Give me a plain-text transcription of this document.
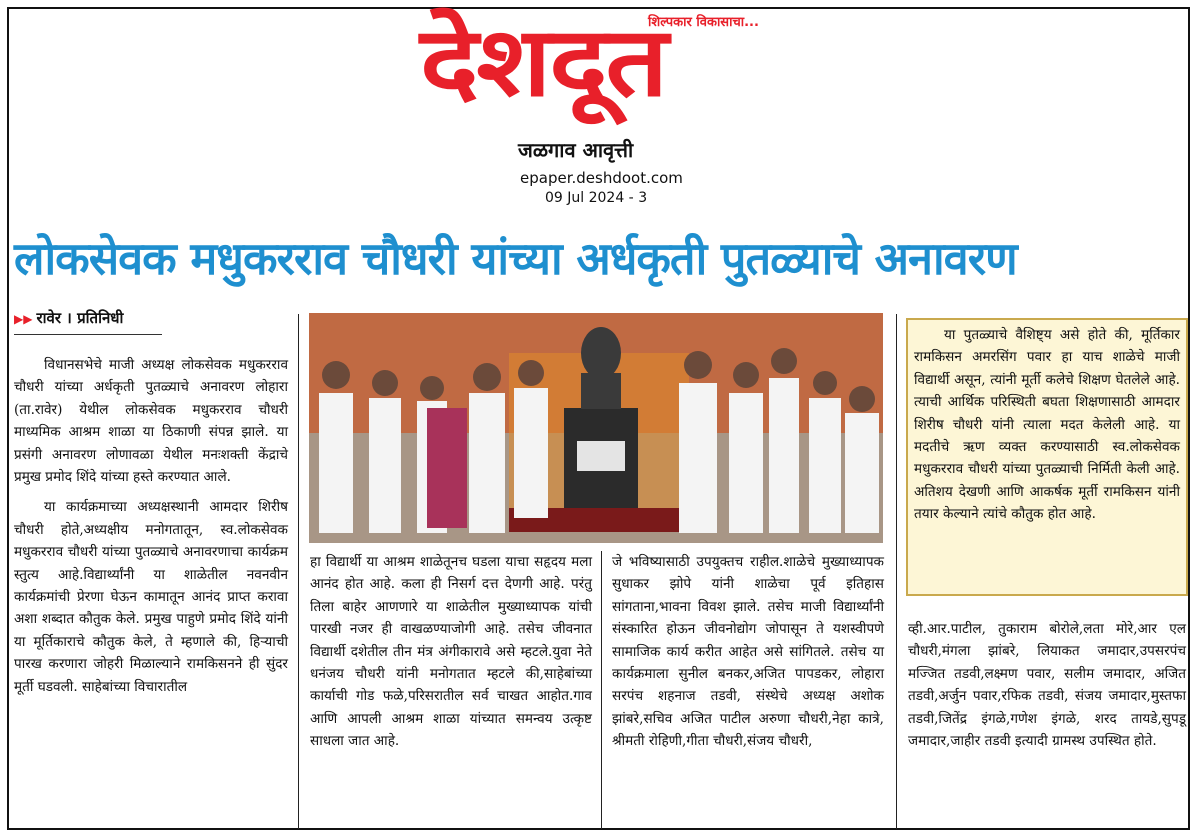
देशदूत
शिल्पकार विकासाचा...
जळगाव आवृत्ती
epaper.deshdoot.com
09 Jul 2024 - 3
लोकसेवक मधुकरराव चौधरी यांच्या अर्धकृती पुतळ्याचे अनावरण
▶▶ रावेर । प्रतिनिधी

विधानसभेचे माजी अध्यक्ष लोकसेवक मधुकरराव चौधरी यांच्या अर्धकृती पुतळ्याचे अनावरण लोहारा (ता.रावेर) येथील लोकसेवक मधुकरराव चौधरी माध्यमिक आश्रम शाळा या ठिकाणी संपन्न झाले. या प्रसंगी अनावरण लोणावळा येथील मनःशक्ती केंद्राचे प्रमुख प्रमोद शिंदे यांच्या हस्ते करण्यात आले.

या कार्यक्रमाच्या अध्यक्षस्थानी आमदार शिरीष चौधरी होते,अध्यक्षीय मनोगतातून, स्व.लोकसेवक मधुकरराव चौधरी यांच्या पुतळ्याचे अनावरणाचा कार्यक्रम स्तुत्य आहे.विद्यार्थ्यांनी या शाळेतील नवनवीन कार्यक्रमांची प्रेरणा घेऊन कामातून आनंद प्राप्त करावा अशा शब्दात कौतुक केले. प्रमुख पाहुणे प्रमोद शिंदे यांनी या मूर्तिकाराचे कौतुक केले, ते म्हणाले की, हिऱ्याची पारख करणारा जोहरी मिळाल्याने रामकिसनने ही सुंदर मूर्ती घडवली. साहेबांच्या विचारातील

हा विद्यार्थी या आश्रम शाळेतूनच घडला याचा सहृदय मला आनंद होत आहे. कला ही निसर्ग दत्त देणगी आहे. परंतु तिला बाहेर आणणारे या शाळेतील मुख्याध्यापक यांची पारखी नजर ही वाखळण्याजोगी आहे. तसेच जीवनात विद्यार्थी दशेतील तीन मंत्र अंगीकारावे असे म्हटले.युवा नेते धनंजय चौधरी यांनी मनोगतात म्हटले की,साहेबांच्या कार्याची गोड फळे,परिसरातील सर्व चाखत आहोत.गाव आणि आपली आश्रम शाळा यांच्यात समन्वय उत्कृष्ट साधला जात आहे.
जे भविष्यासाठी उपयुक्तच राहील.शाळेचे मुख्याध्यापक सुधाकर झोपे यांनी शाळेचा पूर्व इतिहास सांगताना,भावना विवश झाले. तसेच माजी विद्यार्थ्यांनी संस्कारित होऊन जीवनोद्योग जोपासून ते यशस्वीपणे सामाजिक कार्य करीत आहेत असे सांगितले. तसेच या कार्यक्रमाला सुनील बनकर,अजित पापडकर, लोहारा सरपंच शहनाज तडवी, संस्थेचे अध्यक्ष अशोक झांबरे,सचिव अजित पाटील अरुणा चौधरी,नेहा कात्रे, श्रीमती रोहिणी,गीता चौधरी,संजय चौधरी,

या पुतळ्याचे वैशिष्ट्य असे होते की, मूर्तिकार रामकिसन अमरसिंग पवार हा याच शाळेचे माजी विद्यार्थी असून, त्यांनी मूर्ती कलेचे शिक्षण घेतलेले आहे. त्याची आर्थिक परिस्थिती बघता शिक्षणासाठी आमदार शिरीष चौधरी यांनी त्याला मदत केलेली आहे. या मदतीचे ऋण व्यक्त करण्यासाठी स्व.लोकसेवक मधुकरराव चौधरी यांच्या पुतळ्याची निर्मिती केली आहे. अतिशय देखणी आणि आकर्षक मूर्ती रामकिसन यांनी तयार केल्याने त्यांचे कौतुक होत आहे.

व्ही.आर.पाटील, तुकाराम बोरोले,लता मोरे,आर एल चौधरी,मंगला झांबरे, लियाकत जमादार,उपसरपंच मज्जित तडवी,लक्ष्मण पवार, सलीम जमादार, अजित तडवी,अर्जुन पवार,रफिक तडवी, संजय जमादार,मुस्तफा तडवी,जितेंद्र इंगळे,गणेश इंगळे, शरद तायडे,सुपडू जमादार,जाहीर तडवी इत्यादी ग्रामस्थ उपस्थित होते.
